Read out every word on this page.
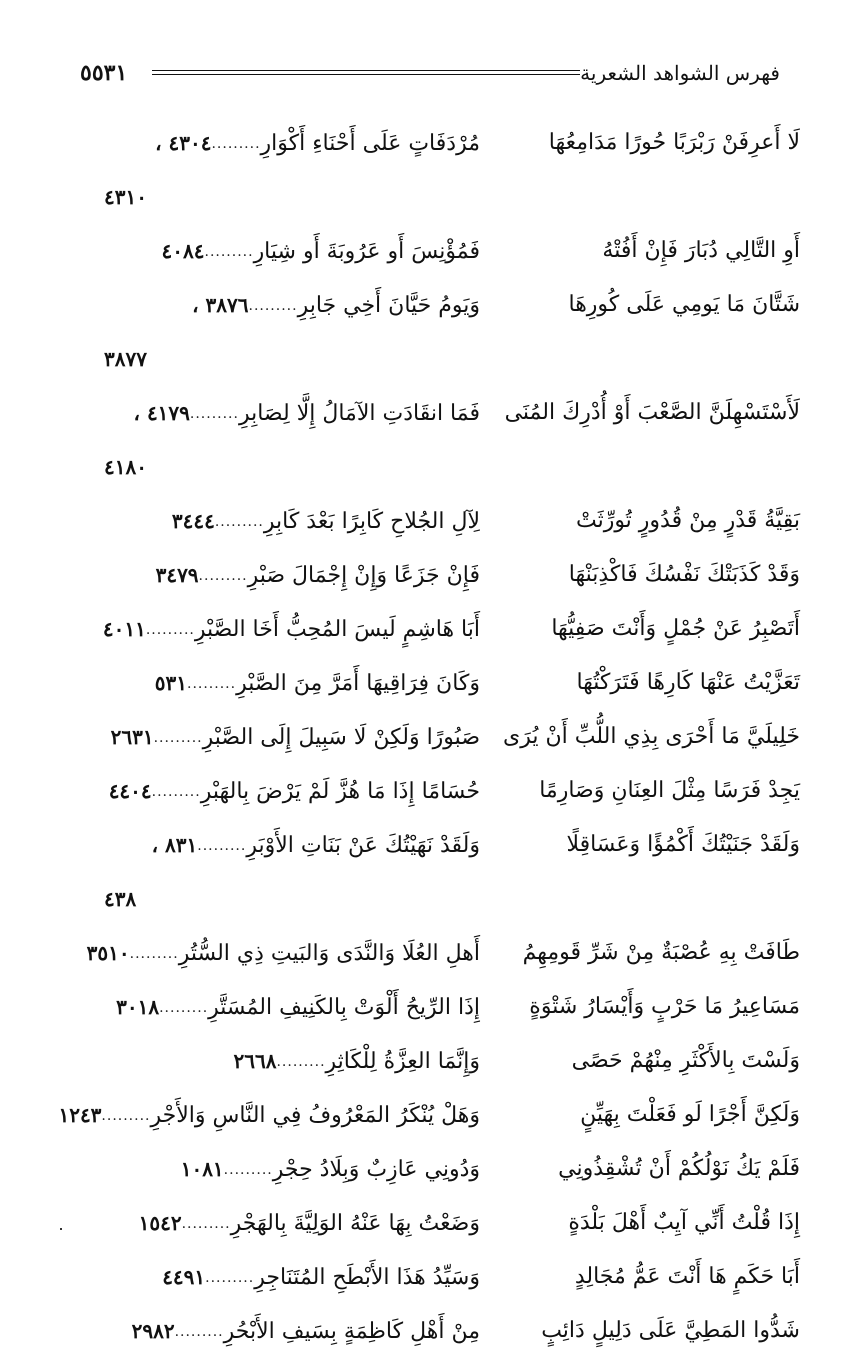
فهرس الشواهد الشعرية
٥٥٣١
لَا أَعرِفَنْ رَبْرَبًا حُورًا مَدَامِعُهَا
مُرْدَفَاتٍ عَلَى أَحْنَاءِ أَكْوَارِ.........٤٣٠٤ ،
٤٣١٠
أَوِ التَّالِي دُبَارَ فَإِنْ أَفُتْهُ
فَمُؤْنِسَ أَو عَرُوبَةَ أَو شِيَارِ.........٤٠٨٤
شَتَّانَ مَا يَومِي عَلَى كُورِهَا
وَيَومُ حَيَّانَ أَخِي جَابِرِ.........٣٨٧٦ ،
٣٨٧٧
لَأَسْتَسْهِلَنَّ الصَّعْبَ أَوْ أُدْرِكَ المُنَى
فَمَا انقَادَتِ الآمَالُ إِلَّا لِصَابِرِ.........٤١٧٩ ،
٤١٨٠
بَقِيَّةُ قَدْرٍ مِنْ قُدُورٍ تُورِّثَتْ
لِآلِ الجُلاحِ كَابِرًا بَعْدَ كَابِرِ.........٣٤٤٤
وَقَدْ كَذَبَتْكَ نَفْسُكَ فَاكْذِبَنْهَا
فَإِنْ جَزَعًا وَإِنْ إِجْمَالَ صَبْرِ.........٣٤٧٩
أَتَصْبِرُ عَنْ جُمْلٍ وَأَنْتَ صَفِيُّهَا
أَبَا هَاشِمٍ لَيسَ المُحِبُّ أَخَا الصَّبْرِ.........٤٠١١
تَعَزَّيْتُ عَنْهَا كَارِهًا فَتَرَكْتُهَا
وَكَانَ فِرَاقِيهَا أَمَرَّ مِنَ الصَّبْرِ.........٥٣١
خَلِيلَيَّ مَا أَحْرَى بِذِي اللُّبِّ أَنْ يُرَى
صَبُورًا وَلَكِنْ لَا سَبِيلَ إِلَى الصَّبْرِ.........٢٦٣١
يَجِدْ فَرَسًا مِثْلَ العِنَانِ وَصَارِمًا
حُسَامًا إِذَا مَا هُزَّ لَمْ يَرْضَ بِالهَبْرِ.........٤٤٠٤
وَلَقَدْ جَنَيْتُكَ أَكْمُؤًا وَعَسَاقِلًا
وَلَقَدْ نَهَيْتُكَ عَنْ بَنَاتِ الأَوْبَرِ.........٨٣١ ،
٤٣٨
طَافَتْ بِهِ عُصْبَةٌ مِنْ شَرِّ قَومِهِمُ
أَهلِ العُلَا وَالنَّدَى وَالبَيتِ ذِي السُّتُرِ.........٣٥١٠
مَسَاعِيرُ مَا حَرْبٍ وَأَيْسَارُ شَتْوَةٍ
إِذَا الرِّيحُ أَلْوَتْ بِالكَنِيفِ المُسَتَّرِ.........٣٠١٨
وَلَسْتَ بِالأَكْثَرِ مِنْهُمْ حَصًى
وَإِنَّمَا العِزَّةُ لِلْكَاثِرِ.........٢٦٦٨
وَلَكِنَّ أَجْرًا لَو فَعَلْتَ بِهَيِّنٍ
وَهَلْ يُنْكَرُ المَعْرُوفُ فِي النَّاسِ وَالأَجْرِ.........١٢٤٣
فَلَمْ يَكُ نَوْلُكُمْ أَنْ تُشْقِذُونِي
وَدُونِي عَازِبٌ وَبِلَادُ حِجْرِ.........١٠٨١
إِذَا قُلْتُ أَنِّي آيِبٌ أَهْلَ بَلْدَةٍ
وَضَعْتُ بِهَا عَنْهُ الوَلِيَّةَ بِالهَجْرِ.........١٥٤٢
أَبَا حَكَمٍ هَا أَنْتَ عَمُّ مُجَالِدٍ
وَسَيِّدُ هَذَا الأَبْطَحِ المُتَنَاجِرِ.........٤٤٩١
شَدُّوا المَطِيَّ عَلَى دَلِيلٍ دَائِبٍ
مِنْ أَهْلِ كَاظِمَةٍ بِسَيفِ الأَبْحُرِ.........٢٩٨٢
